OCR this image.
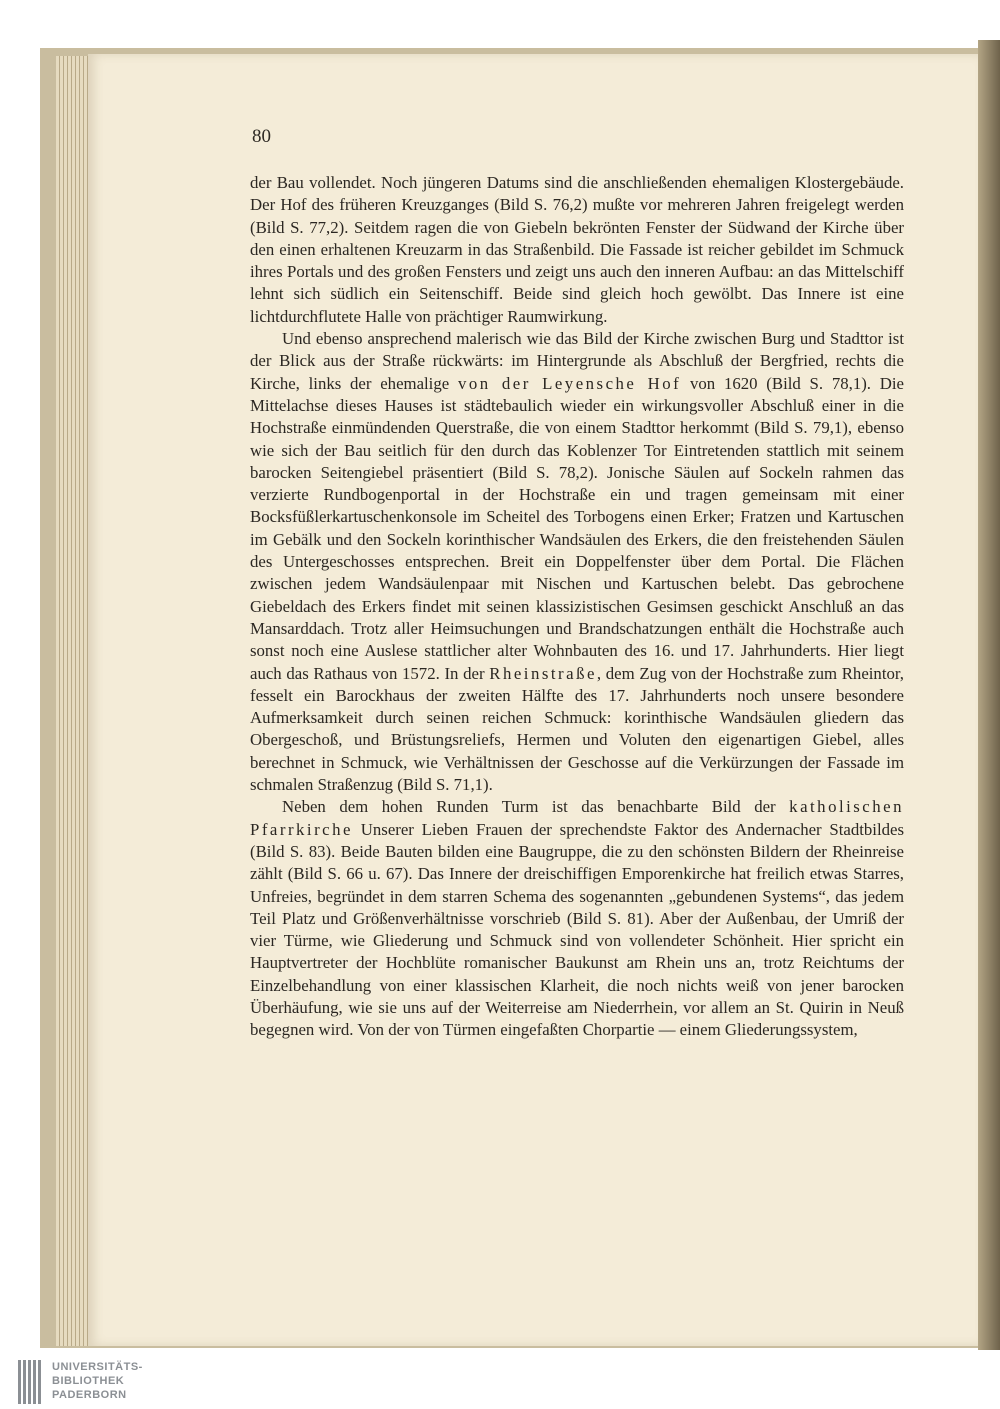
80

der Bau vollendet. Noch jüngeren Datums sind die anschließenden ehemaligen Klostergebäude. Der Hof des früheren Kreuzganges (Bild S. 76,2) mußte vor mehreren Jahren freigelegt werden (Bild S. 77,2). Seitdem ragen die von Giebeln bekrönten Fenster der Südwand der Kirche über den einen erhaltenen Kreuzarm in das Straßenbild. Die Fassade ist reicher gebildet im Schmuck ihres Portals und des großen Fensters und zeigt uns auch den inneren Aufbau: an das Mittelschiff lehnt sich südlich ein Seitenschiff. Beide sind gleich hoch gewölbt. Das Innere ist eine lichtdurchflutete Halle von prächtiger Raumwirkung.

Und ebenso ansprechend malerisch wie das Bild der Kirche zwischen Burg und Stadttor ist der Blick aus der Straße rückwärts: im Hintergrunde als Abschluß der Bergfried, rechts die Kirche, links der ehemalige von der Leyensche Hof von 1620 (Bild S. 78,1). Die Mittelachse dieses Hauses ist städtebaulich wieder ein wirkungsvoller Abschluß einer in die Hochstraße einmündenden Querstraße, die von einem Stadttor herkommt (Bild S. 79,1), ebenso wie sich der Bau seitlich für den durch das Koblenzer Tor Eintretenden stattlich mit seinem barocken Seitengiebel präsentiert (Bild S. 78,2). Jonische Säulen auf Sockeln rahmen das verzierte Rundbogenportal in der Hochstraße ein und tragen gemeinsam mit einer Bocksfüßlerkartuschenkonsole im Scheitel des Torbogens einen Erker; Fratzen und Kartuschen im Gebälk und den Sockeln korinthischer Wandsäulen des Erkers, die den freistehenden Säulen des Untergeschosses entsprechen. Breit ein Doppelfenster über dem Portal. Die Flächen zwischen jedem Wandsäulenpaar mit Nischen und Kartuschen belebt. Das gebrochene Giebeldach des Erkers findet mit seinen klassizistischen Gesimsen geschickt Anschluß an das Mansarddach. Trotz aller Heimsuchungen und Brandschatzungen enthält die Hochstraße auch sonst noch eine Auslese stattlicher alter Wohnbauten des 16. und 17. Jahrhunderts. Hier liegt auch das Rathaus von 1572. In der Rheinstraße, dem Zug von der Hochstraße zum Rheintor, fesselt ein Barockhaus der zweiten Hälfte des 17. Jahrhunderts noch unsere besondere Aufmerksamkeit durch seinen reichen Schmuck: korinthische Wandsäulen gliedern das Obergeschoß, und Brüstungsreliefs, Hermen und Voluten den eigenartigen Giebel, alles berechnet in Schmuck, wie Verhältnissen der Geschosse auf die Verkürzungen der Fassade im schmalen Straßenzug (Bild S. 71,1).

Neben dem hohen Runden Turm ist das benachbarte Bild der katholischen Pfarrkirche Unserer Lieben Frauen der sprechendste Faktor des Andernacher Stadtbildes (Bild S. 83). Beide Bauten bilden eine Baugruppe, die zu den schönsten Bildern der Rheinreise zählt (Bild S. 66 u. 67). Das Innere der dreischiffigen Emporenkirche hat freilich etwas Starres, Unfreies, begründet in dem starren Schema des sogenannten „gebundenen Systems“, das jedem Teil Platz und Größenverhältnisse vorschrieb (Bild S. 81). Aber der Außenbau, der Umriß der vier Türme, wie Gliederung und Schmuck sind von vollendeter Schönheit. Hier spricht ein Hauptvertreter der Hochblüte romanischer Baukunst am Rhein uns an, trotz Reichtums der Einzelbehandlung von einer klassischen Klarheit, die noch nichts weiß von jener barocken Überhäufung, wie sie uns auf der Weiterreise am Niederrhein, vor allem an St. Quirin in Neuß begegnen wird. Von der von Türmen eingefaßten Chorpartie — einem Gliederungssystem,

UNIVERSITÄTS-
BIBLIOTHEK
PADERBORN
